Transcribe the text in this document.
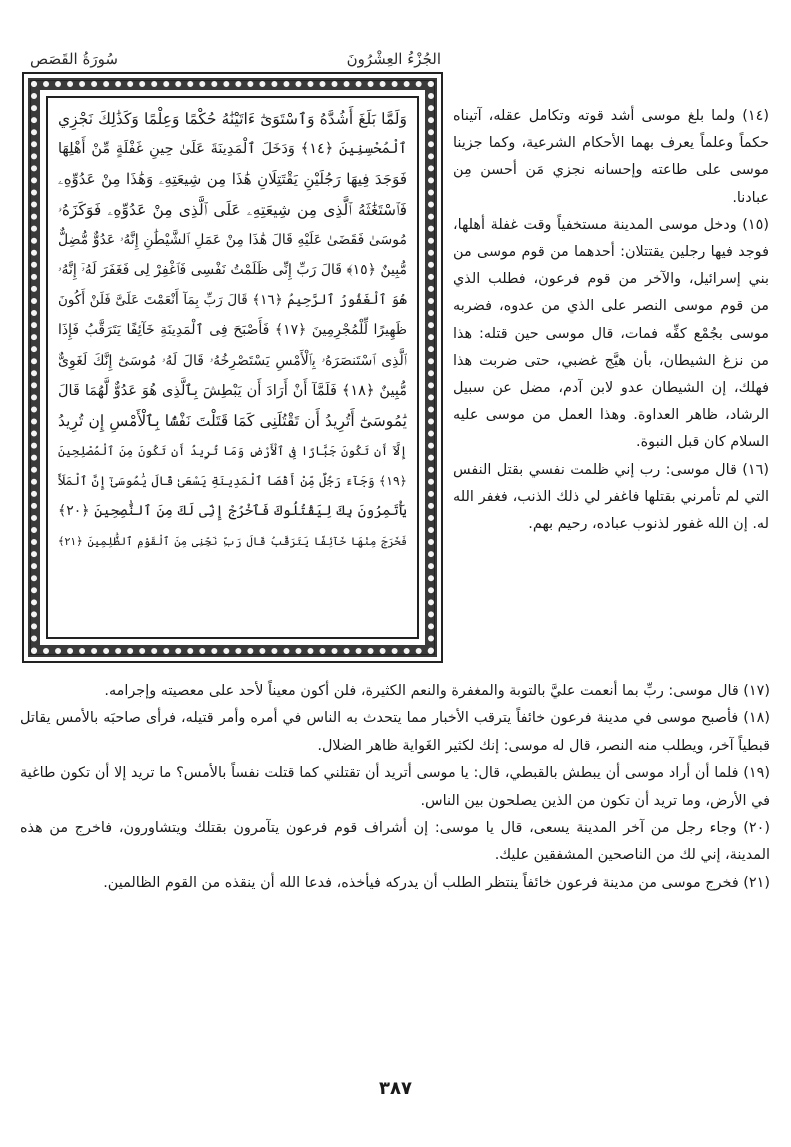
سُورَةُ القَصَص	الجُزْءُ العِشْرُونَ
وَلَمَّا بَلَغَ أَشُدَّهُ وَٱسْتَوَىٰٓ ءَاتَيْنَٰهُ حُكْمًا وَعِلْمًا وَكَذَٰلِكَ نَجْزِي
ٱلْمُحْسِنِينَ ﴿١٤﴾ وَدَخَلَ ٱلْمَدِينَةَ عَلَىٰ حِينِ غَفْلَةٍ مِّنْ أَهْلِهَا
فَوَجَدَ فِيهَا رَجُلَيْنِ يَقْتَتِلَانِ هَٰذَا مِن شِيعَتِهِۦ وَهَٰذَا مِنْ عَدُوِّهِۦ
فَٱسْتَغَٰثَهُ ٱلَّذِى مِن شِيعَتِهِۦ عَلَى ٱلَّذِى مِنْ عَدُوِّهِۦ فَوَكَزَهُۥ
مُوسَىٰ فَقَضَىٰ عَلَيْهِ قَالَ هَٰذَا مِنْ عَمَلِ ٱلشَّيْطَٰنِ إِنَّهُۥ عَدُوٌّ مُّضِلٌّ
مُّبِينٌ ﴿١٥﴾ قَالَ رَبِّ إِنِّى ظَلَمْتُ نَفْسِى فَٱغْفِرْ لِى فَغَفَرَ لَهُۥٓ إِنَّهُۥ
هُوَ ٱلْغَفُورُ ٱلرَّحِيمُ ﴿١٦﴾ قَالَ رَبِّ بِمَآ أَنْعَمْتَ عَلَىَّ فَلَنْ أَكُونَ
ظَهِيرًا لِّلْمُجْرِمِينَ ﴿١٧﴾ فَأَصْبَحَ فِى ٱلْمَدِينَةِ خَآئِفًا يَتَرَقَّبُ فَإِذَا
ٱلَّذِى ٱسْتَنصَرَهُۥ بِٱلْأَمْسِ يَسْتَصْرِخُهُۥ قَالَ لَهُۥ مُوسَىٰٓ إِنَّكَ لَغَوِىٌّ
مُّبِينٌ ﴿١٨﴾ فَلَمَّآ أَنْ أَرَادَ أَن يَبْطِشَ بِٱلَّذِى هُوَ عَدُوٌّ لَّهُمَا قَالَ
يَٰمُوسَىٰٓ أَتُرِيدُ أَن تَقْتُلَنِى كَمَا قَتَلْتَ نَفْسًۢا بِٱلْأَمْسِ إِن تُرِيدُ
إِلَّآ أَن تَكُونَ جَبَّارًا فِى ٱلْأَرْضِ وَمَا تُرِيدُ أَن تَكُونَ مِنَ ٱلْمُصْلِحِينَ
﴿١٩﴾ وَجَآءَ رَجُلٌ مِّنْ أَقْصَا ٱلْمَدِينَةِ يَسْعَىٰ قَالَ يَٰمُوسَىٰٓ إِنَّ ٱلْمَلَأَ
يَأْتَمِرُونَ بِكَ لِيَقْتُلُوكَ فَٱخْرُجْ إِنِّى لَكَ مِنَ ٱلنَّٰصِحِينَ ﴿٢٠﴾
فَخَرَجَ مِنْهَا خَآئِفًا يَتَرَقَّبُ قَالَ رَبِّ نَجِّنِى مِنَ ٱلْقَوْمِ ٱلظَّٰلِمِينَ ﴿٢١﴾

(١٤) ولما بلغ موسى أشد قوته وتكامل عقله، آتيناه حكماً وعلماً يعرف بهما الأحكام الشرعية، وكما جزينا موسى على طاعته وإحسانه نجزي مَن أحسن مِن عبادنا.

(١٥) ودخل موسى المدينة مستخفياً وقت غفلة أهلها، فوجد فيها رجلين يقتتلان: أحدهما من قوم موسى من بني إسرائيل، والآخر من قوم فرعون، فطلب الذي من قوم موسى النصر على الذي من عدوه، فضربه موسى بجُمْع كفِّه فمات، قال موسى حين قتله: هذا من نزغ الشيطان، بأن هيَّج غضبي، حتى ضربت هذا فهلك، إن الشيطان عدو لابن آدم، مضل عن سبيل الرشاد، ظاهر العداوة. وهذا العمل من موسى عليه السلام كان قبل النبوة.

(١٦) قال موسى: رب إني ظلمت نفسي بقتل النفس التي لم تأمرني بقتلها فاغفر لي ذلك الذنب، فغفر الله له. إن الله غفور لذنوب عباده، رحيم بهم.

(١٧) قال موسى: ربِّ بما أنعمت عليَّ بالتوبة والمغفرة والنعم الكثيرة، فلن أكون معيناً لأحد على معصيته وإجرامه.

(١٨) فأصبح موسى في مدينة فرعون خائفاً يترقب الأخبار مما يتحدث به الناس في أمره وأمر قتيله، فرأى صاحبَه بالأمس يقاتل قبطياً آخر، ويطلب منه النصر، قال له موسى: إنك لكثير الغَواية ظاهر الضلال.

(١٩) فلما أن أراد موسى أن يبطش بالقبطي، قال: يا موسى أتريد أن تقتلني كما قتلت نفساً بالأمس؟ ما تريد إلا أن تكون طاغية في الأرض، وما تريد أن تكون من الذين يصلحون بين الناس.

(٢٠) وجاء رجل من آخر المدينة يسعى، قال يا موسى: إن أشراف قوم فرعون يتآمرون بقتلك ويتشاورون، فاخرج من هذه المدينة، إني لك من الناصحين المشفقين عليك.

(٢١) فخرج موسى من مدينة فرعون خائفاً ينتظر الطلب أن يدركه فيأخذه، فدعا الله أن ينقذه من القوم الظالمين.

٣٨٧
